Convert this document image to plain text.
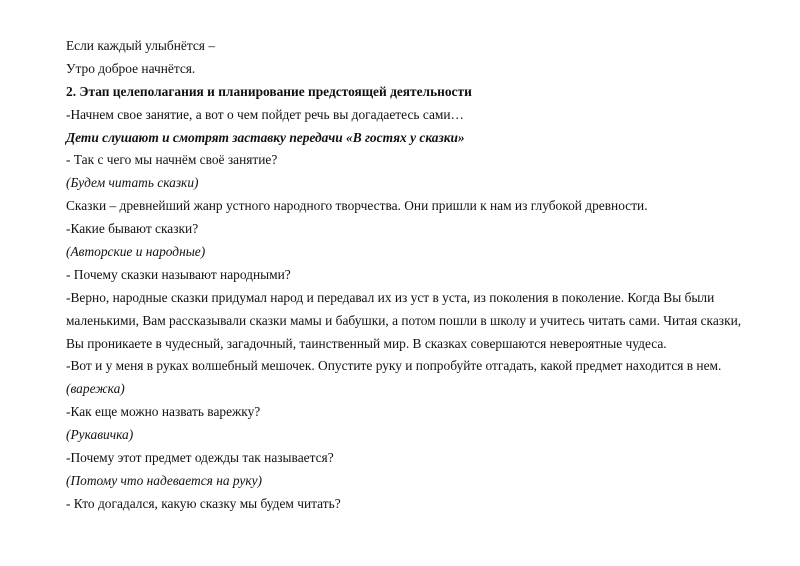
Если каждый улыбнётся –
Утро доброе начнётся.
2. Этап целеполагания и планирование предстоящей деятельности
-Начнем свое занятие, а вот о чем пойдет речь вы догадаетесь сами…
Дети слушают и смотрят заставку передачи «В гостях у сказки»
- Так с чего мы начнём своё занятие?
(Будем читать сказки)
Сказки – древнейший жанр устного народного творчества. Они пришли к нам из глубокой древности.
-Какие бывают сказки?
(Авторские и народные)
- Почему сказки называют народными?
-Верно, народные сказки придумал народ и передавал их из уст в уста, из поколения в поколение. Когда Вы были
маленькими, Вам рассказывали сказки мамы и бабушки, а потом пошли в школу и учитесь читать сами. Читая сказки,
Вы проникаете в чудесный, загадочный, таинственный мир. В сказках совершаются невероятные чудеса.
-Вот и у меня в руках волшебный мешочек. Опустите руку и попробуйте отгадать, какой предмет находится в нем.
(варежка)
-Как еще можно назвать варежку?
(Рукавичка)
-Почему этот предмет одежды так называется?
(Потому что надевается на руку)
- Кто догадался, какую сказку мы будем читать?
